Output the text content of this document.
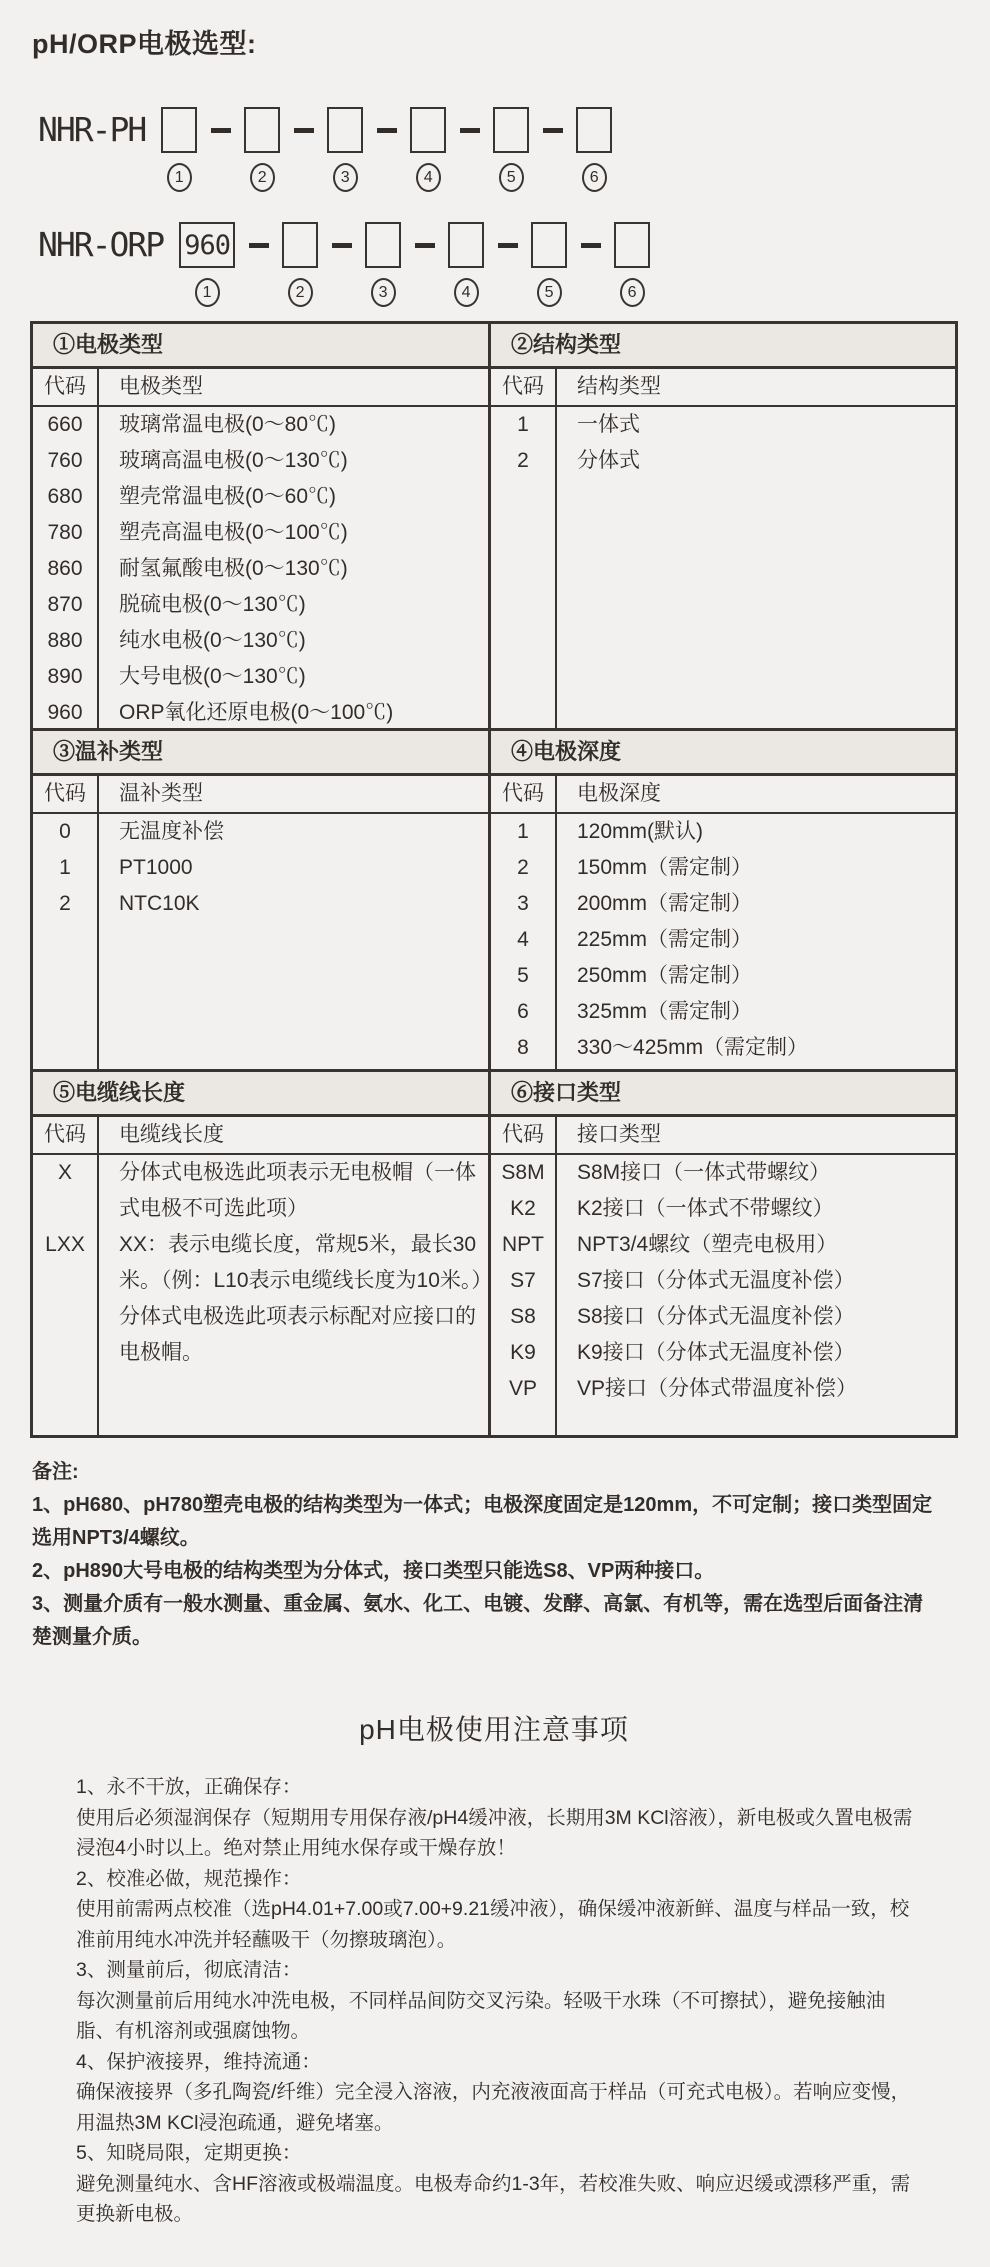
pH/ORP电极选型:
NHR-PH
1	2	3	4	5	6
NHR-ORP 960
1	2	3	4	5	6
①电极类型
代码	电极类型
660	玻璃常温电极(0～80℃)
760	玻璃高温电极(0～130℃)
680	塑壳常温电极(0～60℃)
780	塑壳高温电极(0～100℃)
860	耐氢氟酸电极(0～130℃)
870	脱硫电极(0～130℃)
880	纯水电极(0～130℃)
890	大号电极(0～130℃)
960	ORP氧化还原电极(0～100℃)
②结构类型
代码	结构类型
1	一体式
2	分体式
③温补类型
代码	温补类型
0	无温度补偿
1	PT1000
2	NTC10K
④电极深度
代码	电极深度
1	120mm(默认)
2	150mm（需定制）
3	200mm（需定制）
4	225mm（需定制）
5	250mm（需定制）
6	325mm（需定制）
8	330～425mm（需定制）
⑤电缆线长度
代码	电缆线长度
X	分体式电极选此项表示无电极帽（一体式电极不可选此项）
LXX	XX：表示电缆长度，常规5米，最长30米。（例：L10表示电缆线长度为10米。）分体式电极选此项表示标配对应接口的电极帽。
⑥接口类型
代码	接口类型
S8M	S8M接口（一体式带螺纹）
K2	K2接口（一体式不带螺纹）
NPT	NPT3/4螺纹（塑壳电极用）
S7	S7接口（分体式无温度补偿）
S8	S8接口（分体式无温度补偿）
K9	K9接口（分体式无温度补偿）
VP	VP接口（分体式带温度补偿）

备注:

1、pH680、pH780塑壳电极的结构类型为一体式；电极深度固定是120mm，不可定制；接口类型固定选用NPT3/4螺纹。

2、pH890大号电极的结构类型为分体式，接口类型只能选S8、VP两种接口。

3、测量介质有一般水测量、重金属、氨水、化工、电镀、发酵、高氯、有机等，需在选型后面备注清楚测量介质。

pH电极使用注意事项

1、永不干放，正确保存：

使用后必须湿润保存（短期用专用保存液/pH4缓冲液，长期用3M KCl溶液），新电极或久置电极需浸泡4小时以上。绝对禁止用纯水保存或干燥存放！

2、校准必做，规范操作：

使用前需两点校准（选pH4.01+7.00或7.00+9.21缓冲液），确保缓冲液新鲜、温度与样品一致，校准前用纯水冲洗并轻蘸吸干（勿擦玻璃泡）。

3、测量前后，彻底清洁：

每次测量前后用纯水冲洗电极，不同样品间防交叉污染。轻吸干水珠（不可擦拭），避免接触油脂、有机溶剂或强腐蚀物。

4、保护液接界，维持流通：

确保液接界（多孔陶瓷/纤维）完全浸入溶液，内充液液面高于样品（可充式电极）。若响应变慢，用温热3M KCl浸泡疏通，避免堵塞。

5、知晓局限，定期更换：

避免测量纯水、含HF溶液或极端温度。电极寿命约1-3年，若校准失败、响应迟缓或漂移严重，需更换新电极。
